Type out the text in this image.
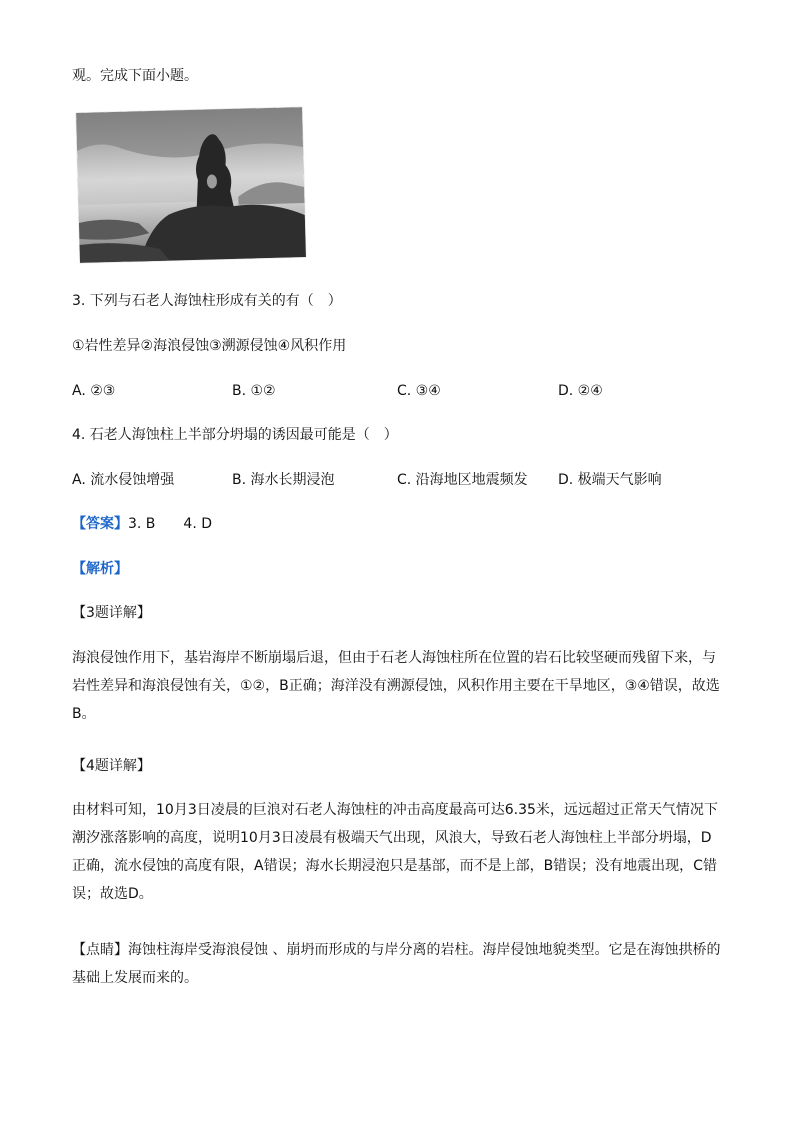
观。完成下面小题。
3. 下列与石老人海蚀柱形成有关的有（　）
①岩性差异②海浪侵蚀③溯源侵蚀④风积作用
A. ②③	B. ①②	C. ③④	D. ②④
4. 石老人海蚀柱上半部分坍塌的诱因最可能是（　）
A. 流水侵蚀增强	B. 海水长期浸泡	C. 沿海地区地震频发 D. 极端天气影响
【答案】3. B　　4. D
【解析】
【3题详解】
海浪侵蚀作用下，基岩海岸不断崩塌后退，但由于石老人海蚀柱所在位置的岩石比较坚硬而残留下来，与岩性差异和海浪侵蚀有关，①②，B正确；海洋没有溯源侵蚀，风积作用主要在干旱地区，③④错误，故选B。
【4题详解】
由材料可知，10月3日凌晨的巨浪对石老人海蚀柱的冲击高度最高可达6.35米，远远超过正常天气情况下潮汐涨落影响的高度，说明10月3日凌晨有极端天气出现，风浪大，导致石老人海蚀柱上半部分坍塌，D正确，流水侵蚀的高度有限，A错误；海水长期浸泡只是基部，而不是上部，B错误；没有地震出现，C错误；故选D。
【点睛】海蚀柱海岸受海浪侵蚀 、崩坍而形成的与岸分离的岩柱。海岸侵蚀地貌类型。它是在海蚀拱桥的基础上发展而来的。
